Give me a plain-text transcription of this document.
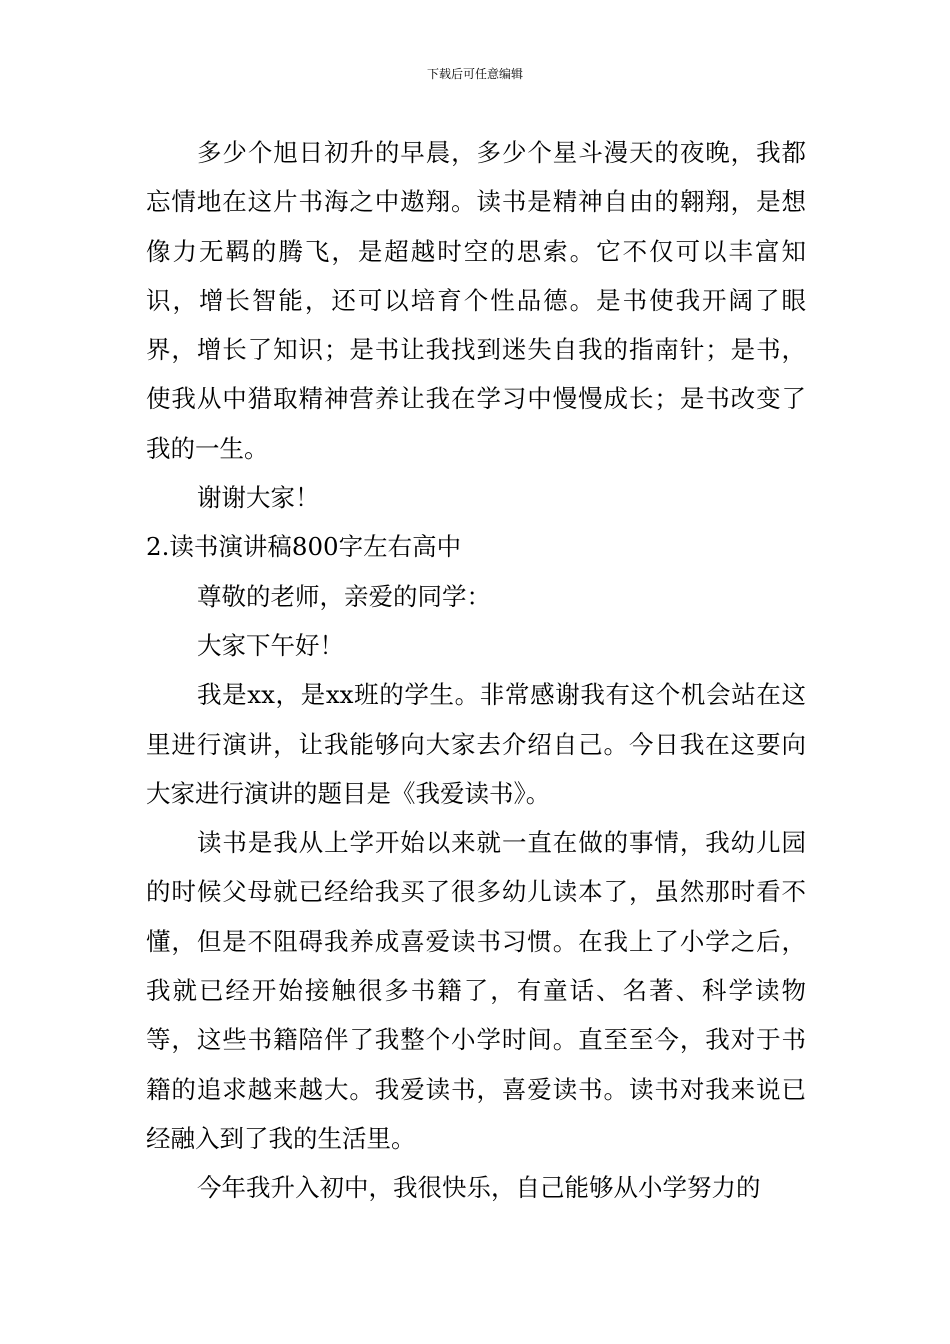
下载后可任意编辑

多少个旭日初升的早晨，多少个星斗漫天的夜晚，我都忘情地在这片书海之中遨翔。读书是精神自由的翱翔，是想像力无羁的腾飞，是超越时空的思索。它不仅可以丰富知识，增长智能，还可以培育个性品德。是书使我开阔了眼界，增长了知识；是书让我找到迷失自我的指南针；是书，使我从中猎取精神营养让我在学习中慢慢成长；是书改变了我的一生。

谢谢大家！

2.读书演讲稿800字左右高中

尊敬的老师，亲爱的同学：

大家下午好！

我是xx，是xx班的学生。非常感谢我有这个机会站在这里进行演讲，让我能够向大家去介绍自己。今日我在这要向大家进行演讲的题目是《我爱读书》。

读书是我从上学开始以来就一直在做的事情，我幼儿园的时候父母就已经给我买了很多幼儿读本了，虽然那时看不懂，但是不阻碍我养成喜爱读书习惯。在我上了小学之后，我就已经开始接触很多书籍了，有童话、名著、科学读物等，这些书籍陪伴了我整个小学时间。直至至今，我对于书籍的追求越来越大。我爱读书，喜爱读书。读书对我来说已经融入到了我的生活里。

今年我升入初中，我很快乐，自己能够从小学努力的
